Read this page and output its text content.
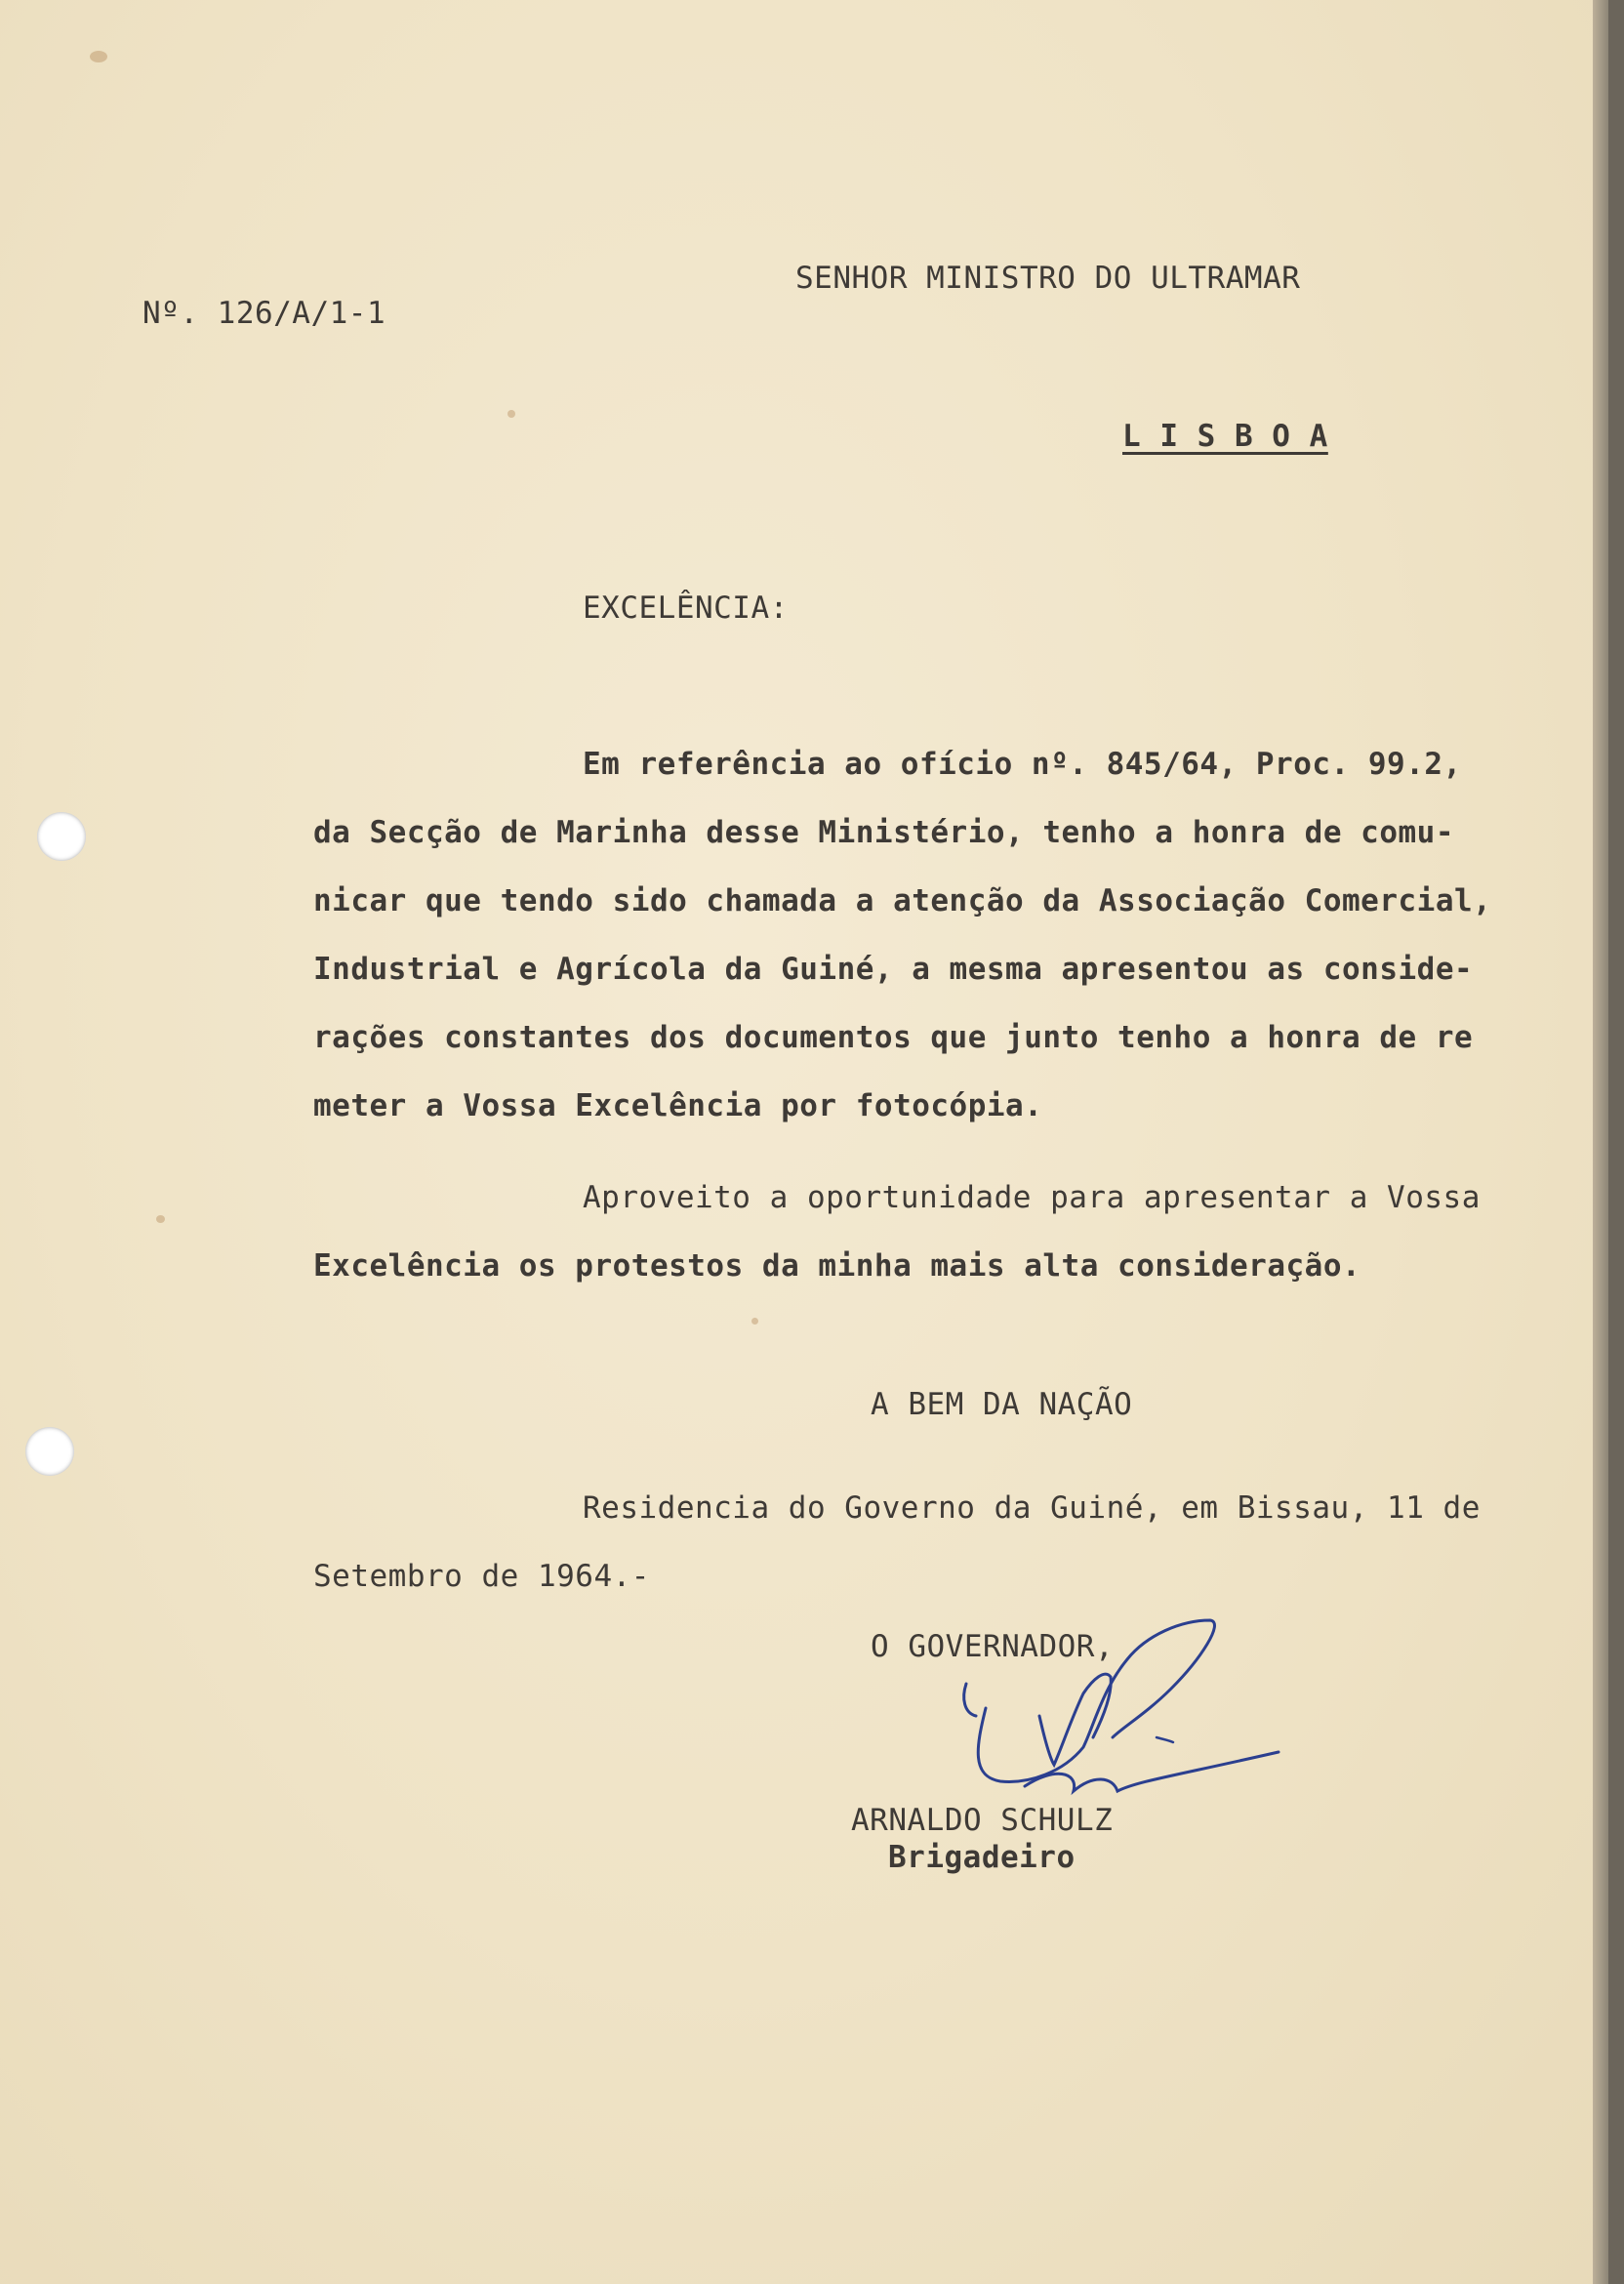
SENHOR MINISTRO DO ULTRAMAR
Nº. 126/A/1-1
L I S B O A
EXCELÊNCIA:
Em referência ao ofício nº. 845/64, Proc. 99.2,
da Secção de Marinha desse Ministério, tenho a honra de comu-
nicar que tendo sido chamada a atenção da Associação Comercial,
Industrial e Agrícola da Guiné, a mesma apresentou as conside-
rações constantes dos documentos que junto tenho a honra de re
meter a Vossa Excelência por fotocópia.
Aproveito a oportunidade para apresentar a Vossa
Excelência os protestos da minha mais alta consideração.
A BEM DA NAÇÃO
Residencia do Governo da Guiné, em Bissau, 11 de
Setembro de 1964.-
O GOVERNADOR,
ARNALDO SCHULZ
Brigadeiro
